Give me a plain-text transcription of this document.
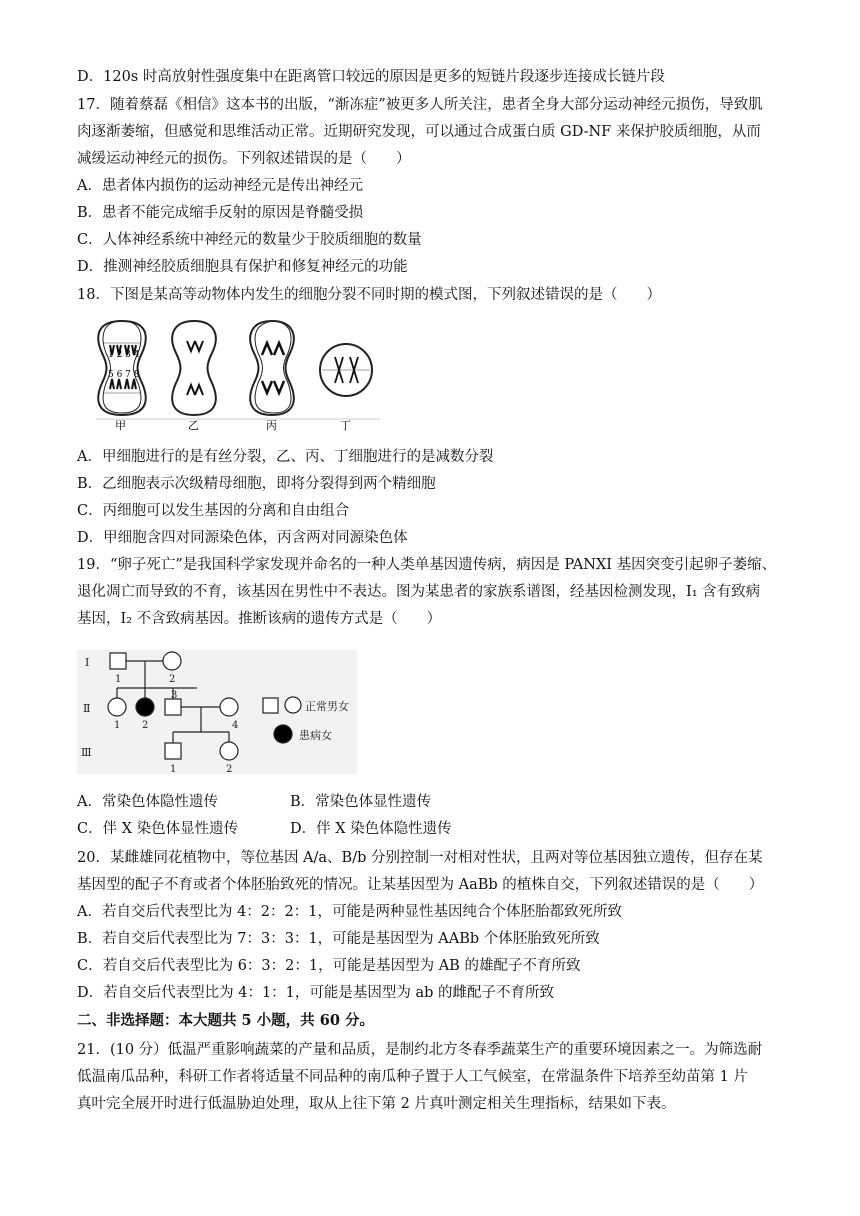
D．120s 时高放射性强度集中在距离管口较远的原因是更多的短链片段逐步连接成长链片段
17．随着蔡磊《相信》这本书的出版，“渐冻症”被更多人所关注，患者全身大部分运动神经元损伤，导致肌
肉逐渐萎缩，但感觉和思维活动正常。近期研究发现，可以通过合成蛋白质 GD-NF 来保护胶质细胞，从而
减缓运动神经元的损伤。下列叙述错误的是（　　）
A．患者体内损伤的运动神经元是传出神经元
B．患者不能完成缩手反射的原因是脊髓受损
C．人体神经系统中神经元的数量少于胶质细胞的数量
D．推测神经胶质细胞具有保护和修复神经元的功能
18．下图是某高等动物体内发生的细胞分裂不同时期的模式图，下列叙述错误的是（　　）
1 2 3 4
5 6 7 8
甲	乙	丙	丁
A．甲细胞进行的是有丝分裂，乙、丙、丁细胞进行的是减数分裂
B．乙细胞表示次级精母细胞，即将分裂得到两个精细胞
C．丙细胞可以发生基因的分离和自由组合
D．甲细胞含四对同源染色体，丙含两对同源染色体
19．“卵子死亡”是我国科学家发现并命名的一种人类单基因遗传病，病因是 PANXI 基因突变引起卵子萎缩、
退化凋亡而导致的不育，该基因在男性中不表达。图为某患者的家族系谱图，经基因检测发现，I₁ 含有致病
基因，I₂ 不含致病基因。推断该病的遗传方式是（　　）
Ⅰ
Ⅱ
Ⅲ
1	2
1 2
3
4
1	2
正常男女
患病女
A．常染色体隐性遗传	B．常染色体显性遗传
C．伴 X 染色体显性遗传	D．伴 X 染色体隐性遗传
20．某雌雄同花植物中，等位基因 A/a、B/b 分别控制一对相对性状，且两对等位基因独立遗传，但存在某
基因型的配子不育或者个体胚胎致死的情况。让某基因型为 AaBb 的植株自交，下列叙述错误的是（　　）
A．若自交后代表型比为 4：2：2：1，可能是两种显性基因纯合个体胚胎都致死所致
B．若自交后代表型比为 7：3：3：1，可能是基因型为 AABb 个体胚胎致死所致
C．若自交后代表型比为 6：3：2：1，可能是基因型为 AB 的雄配子不育所致
D．若自交后代表型比为 4：1：1，可能是基因型为 ab 的雌配子不育所致
二、非选择题：本大题共 5 小题，共 60 分。
21．(10 分）低温严重影响蔬菜的产量和品质，是制约北方冬春季蔬菜生产的重要环境因素之一。为筛选耐
低温南瓜品种，科研工作者将适量不同品种的南瓜种子置于人工气候室，在常温条件下培养至幼苗第 1 片
真叶完全展开时进行低温胁迫处理，取从上往下第 2 片真叶测定相关生理指标，结果如下表。
